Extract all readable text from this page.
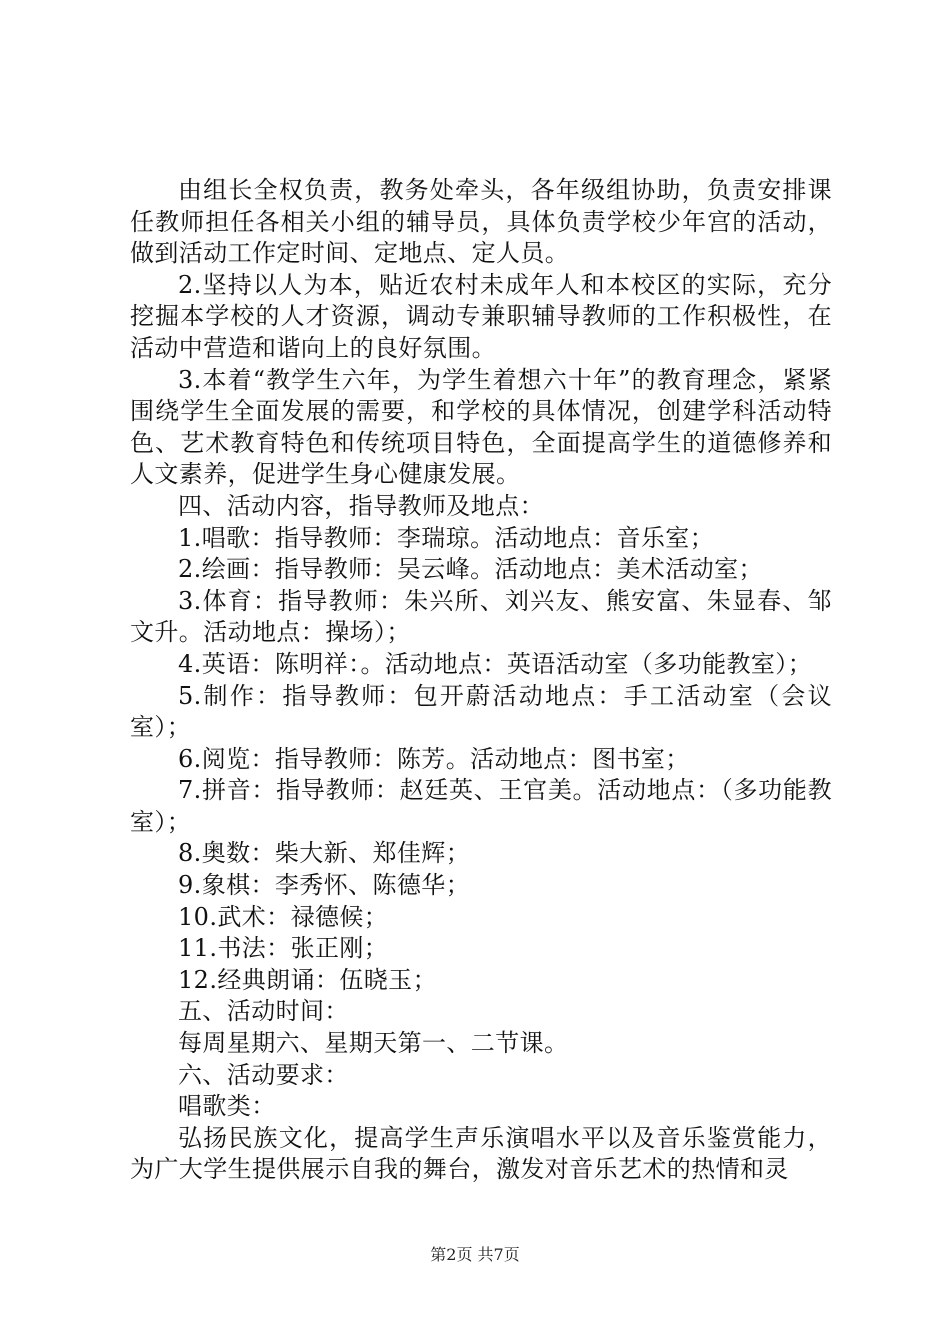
由组长全权负责，教务处牵头，各年级组协助，负责安排课任教师担任各相关小组的辅导员，具体负责学校少年宫的活动，做到活动工作定时间、定地点、定人员。

2.坚持以人为本，贴近农村未成年人和本校区的实际，充分挖掘本学校的人才资源，调动专兼职辅导教师的工作积极性，在活动中营造和谐向上的良好氛围。

3.本着“教学生六年，为学生着想六十年”的教育理念，紧紧围绕学生全面发展的需要，和学校的具体情况，创建学科活动特色、艺术教育特色和传统项目特色，全面提高学生的道德修养和人文素养，促进学生身心健康发展。

四、活动内容，指导教师及地点：

1.唱歌：指导教师：李瑞琼。活动地点：音乐室；

2.绘画：指导教师：吴云峰。活动地点：美术活动室；

3.体育：指导教师：朱兴所、刘兴友、熊安富、朱显春、邹文升。活动地点：操场）；

4.英语：陈明祥：。活动地点：英语活动室（多功能教室）；

5.制作：指导教师：包开蔚活动地点：手工活动室（会议室）；

6.阅览：指导教师：陈芳。活动地点：图书室；

7.拼音：指导教师：赵廷英、王官美。活动地点：（多功能教室）；

8.奥数：柴大新、郑佳辉；

9.象棋：李秀怀、陈德华；

10.武术：禄德候；

11.书法：张正刚；

12.经典朗诵：伍晓玉；

五、活动时间：

每周星期六、星期天第一、二节课。

六、活动要求：

唱歌类：

弘扬民族文化，提高学生声乐演唱水平以及音乐鉴赏能力，为广大学生提供展示自我的舞台，激发对音乐艺术的热情和灵

第2页 共7页
